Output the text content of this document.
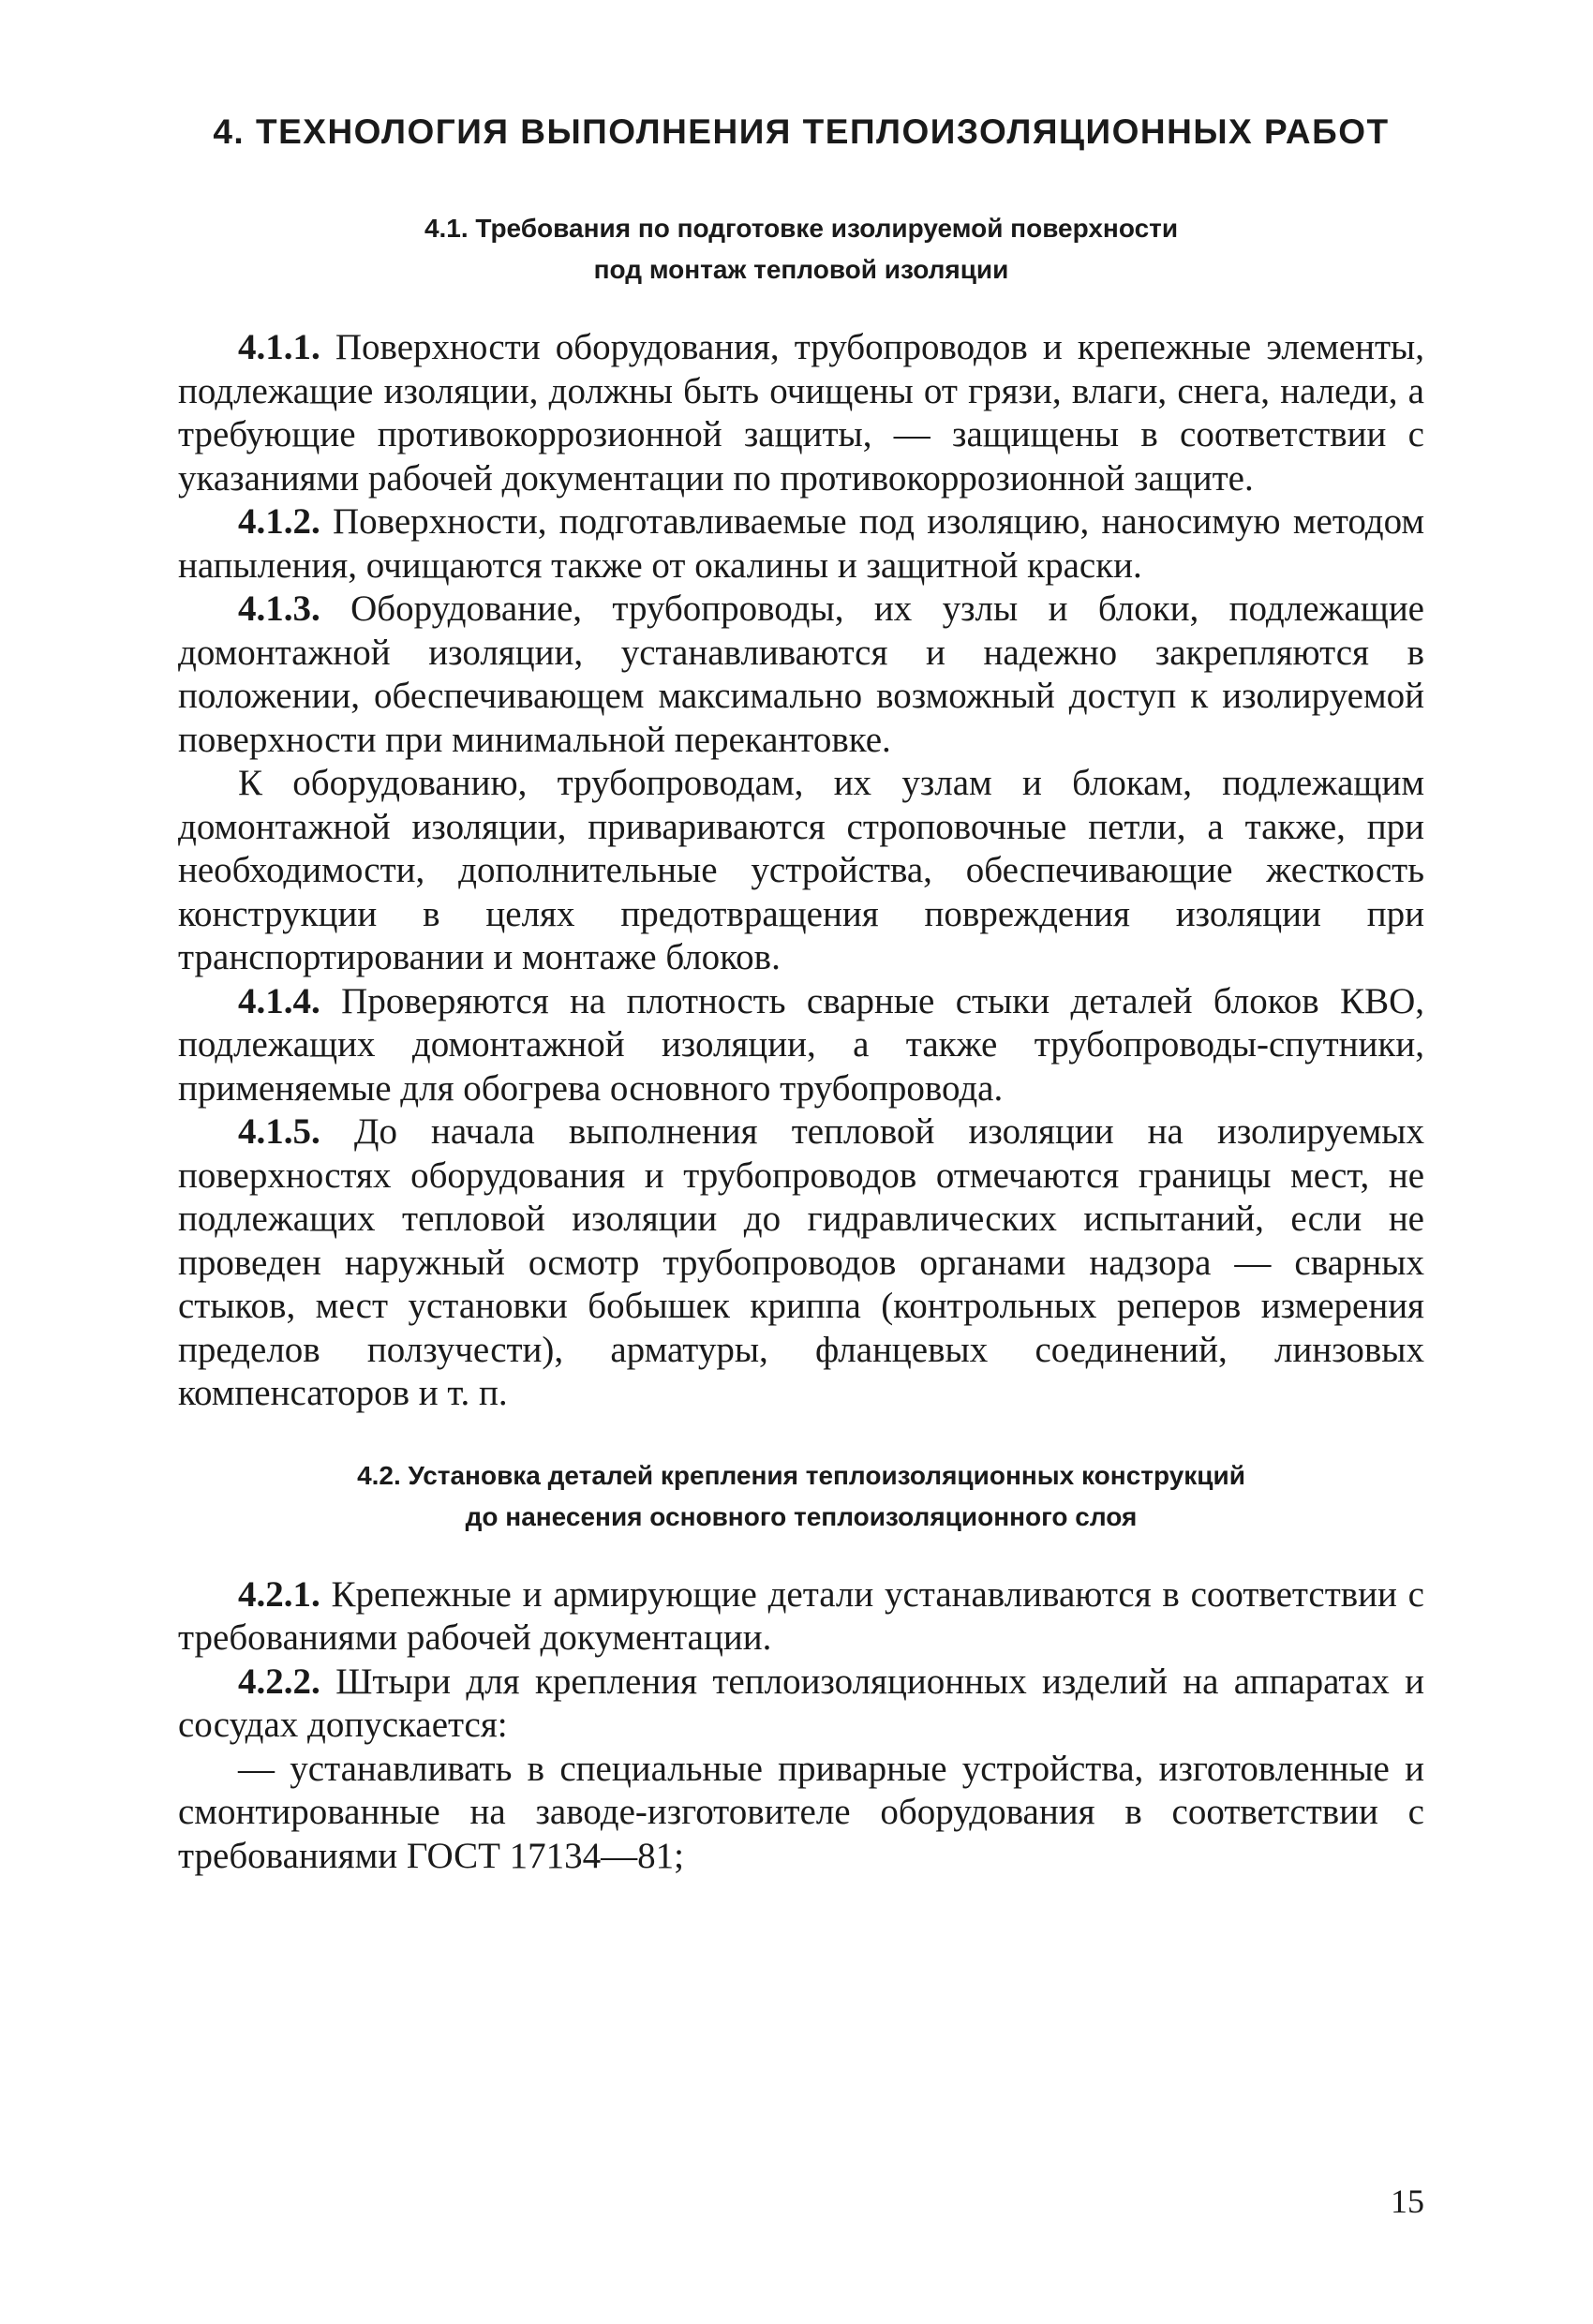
4. ТЕХНОЛОГИЯ ВЫПОЛНЕНИЯ ТЕПЛОИЗОЛЯЦИОННЫХ РАБОТ
4.1. Требования по подготовке изолируемой поверхности
под монтаж тепловой изоляции

4.1.1. Поверхности оборудования, трубопроводов и крепежные элементы, подлежащие изоляции, должны быть очищены от грязи, влаги, снега, наледи, а требующие противокоррозионной защиты, — защищены в соответствии с указаниями рабочей документации по противокоррозионной защите.

4.1.2. Поверхности, подготавливаемые под изоляцию, наносимую методом напыления, очищаются также от окалины и защитной краски.

4.1.3. Оборудование, трубопроводы, их узлы и блоки, подлежащие домонтажной изоляции, устанавливаются и надежно закрепляются в положении, обеспечивающем максимально возможный доступ к изолируемой поверхности при минимальной перекантовке.

К оборудованию, трубопроводам, их узлам и блокам, подлежащим домонтажной изоляции, привариваются строповочные петли, а также, при необходимости, дополнительные устройства, обеспечивающие жесткость конструкции в целях предотвращения повреждения изоляции при транспортировании и монтаже блоков.

4.1.4. Проверяются на плотность сварные стыки деталей блоков КВО, подлежащих домонтажной изоляции, а также трубопроводы-спутники, применяемые для обогрева основного трубопровода.

4.1.5. До начала выполнения тепловой изоляции на изолируемых поверхностях оборудования и трубопроводов отмечаются границы мест, не подлежащих тепловой изоляции до гидравлических испытаний, если не проведен наружный осмотр трубопроводов органами надзора — сварных стыков, мест установки бобышек криппа (контрольных реперов измерения пределов ползучести), арматуры, фланцевых соединений, линзовых компенсаторов и т. п.

4.2. Установка деталей крепления теплоизоляционных конструкций
до нанесения основного теплоизоляционного слоя

4.2.1. Крепежные и армирующие детали устанавливаются в соответствии с требованиями рабочей документации.

4.2.2. Штыри для крепления теплоизоляционных изделий на аппаратах и сосудах допускается:

— устанавливать в специальные приварные устройства, изготовленные и смонтированные на заводе-изготовителе оборудования в соответствии с требованиями ГОСТ 17134—81;

15
